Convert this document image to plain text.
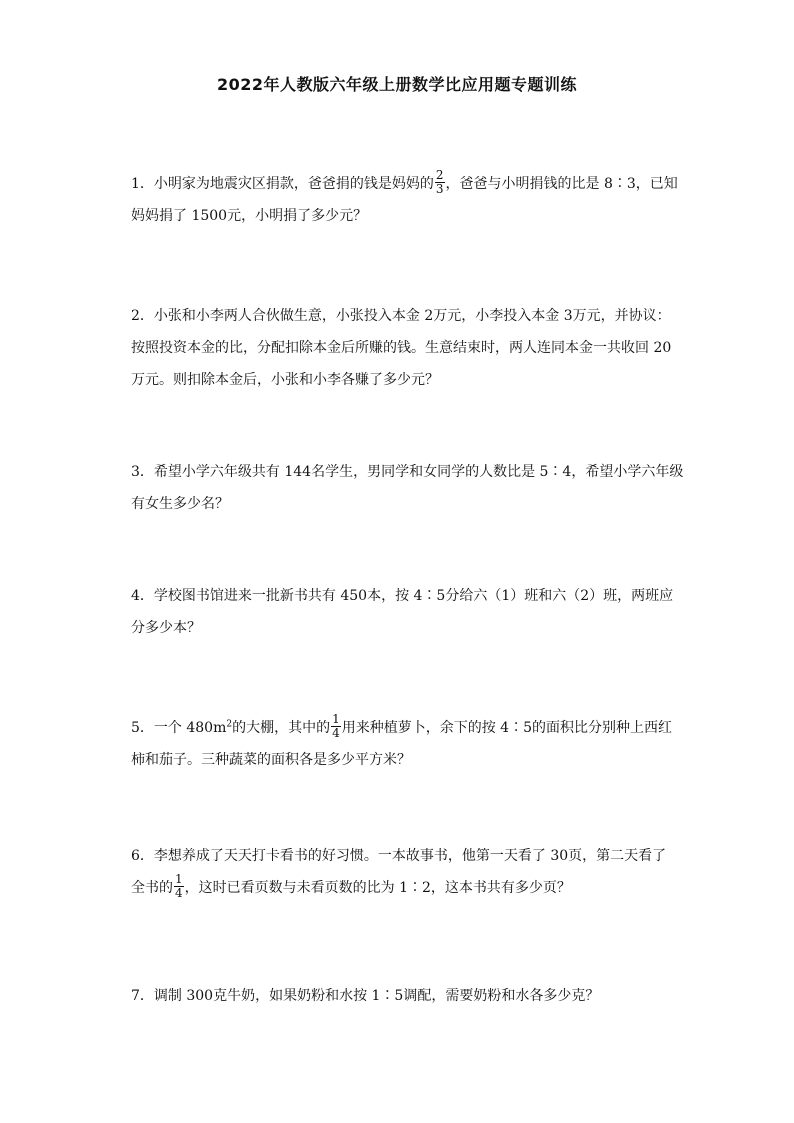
2022年人教版六年级上册数学比应用题专题训练
1．小明家为地震灾区捐款，爸爸捐的钱是妈妈的 $\frac{2}{3}$ ，爸爸与小明捐钱的比是 8∶3，已知
妈妈捐了 1500元，小明捐了多少元？
2．小张和小李两人合伙做生意，小张投入本金 2万元，小李投入本金 3万元，并协议：
按照投资本金的比，分配扣除本金后所赚的钱。生意结束时，两人连同本金一共收回 20
万元。则扣除本金后，小张和小李各赚了多少元？
3．希望小学六年级共有 144名学生，男同学和女同学的人数比是 5∶4，希望小学六年级
有女生多少名？
4．学校图书馆进来一批新书共有 450本，按 4∶5分给六（1）班和六（2）班，两班应
分多少本？
5．一个 $480m^2$的大棚，其中的 $\frac{1}{4}$ 用来种植萝卜，余下的按 4∶5的面积比分别种上西红
柿和茄子。三种蔬菜的面积各是多少平方米？
6．李想养成了天天打卡看书的好习惯。一本故事书，他第一天看了 30页，第二天看了
全书的 $\frac{1}{4}$ ，这时已看页数与未看页数的比为 1∶2，这本书共有多少页？
7．调制 300克牛奶，如果奶粉和水按 1∶5调配，需要奶粉和水各多少克？
